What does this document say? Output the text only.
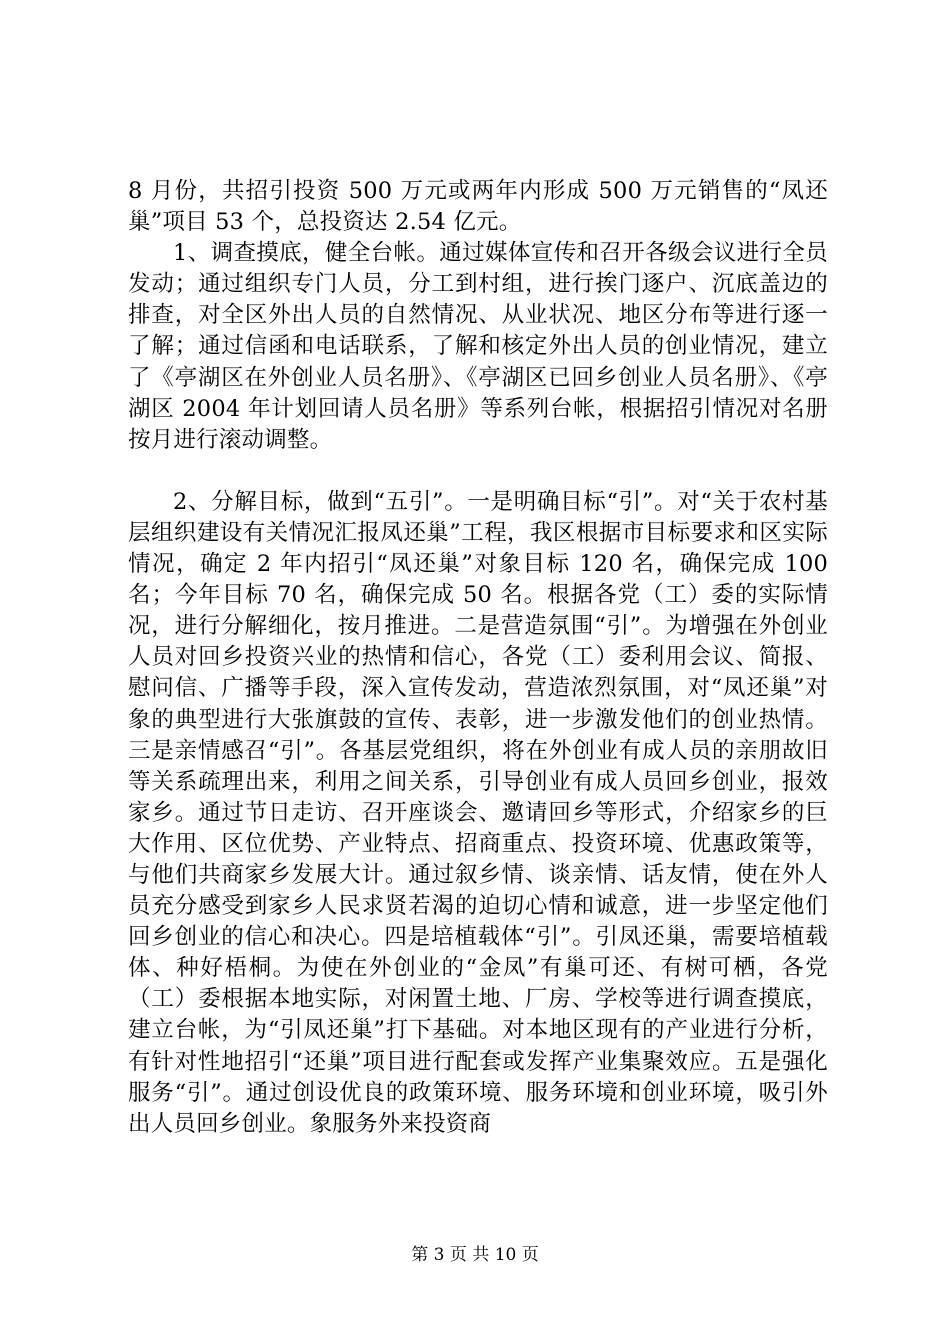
8 月份，共招引投资 500 万元或两年内形成 500 万元销售的“凤还巢”项目 53 个，总投资达 2.54 亿元。

1、调查摸底，健全台帐。通过媒体宣传和召开各级会议进行全员发动；通过组织专门人员，分工到村组，进行挨门逐户、沉底盖边的排查，对全区外出人员的自然情况、从业状况、地区分布等进行逐一了解；通过信函和电话联系，了解和核定外出人员的创业情况，建立了《亭湖区在外创业人员名册》、《亭湖区已回乡创业人员名册》、《亭湖区 2004 年计划回请人员名册》等系列台帐，根据招引情况对名册按月进行滚动调整。

2、分解目标，做到“五引”。一是明确目标“引”。对“关于农村基层组织建设有关情况汇报凤还巢”工程，我区根据市目标要求和区实际情况，确定 2 年内招引“凤还巢”对象目标 120 名，确保完成 100 名；今年目标 70 名，确保完成 50 名。根据各党（工）委的实际情况，进行分解细化，按月推进。二是营造氛围“引”。为增强在外创业人员对回乡投资兴业的热情和信心，各党（工）委利用会议、简报、慰问信、广播等手段，深入宣传发动，营造浓烈氛围，对“凤还巢”对象的典型进行大张旗鼓的宣传、表彰，进一步激发他们的创业热情。三是亲情感召“引”。各基层党组织，将在外创业有成人员的亲朋故旧等关系疏理出来，利用之间关系，引导创业有成人员回乡创业，报效家乡。通过节日走访、召开座谈会、邀请回乡等形式，介绍家乡的巨大作用、区位优势、产业特点、招商重点、投资环境、优惠政策等，与他们共商家乡发展大计。通过叙乡情、谈亲情、话友情，使在外人员充分感受到家乡人民求贤若渴的迫切心情和诚意，进一步坚定他们回乡创业的信心和决心。四是培植载体“引”。引凤还巢，需要培植载体、种好梧桐。为使在外创业的“金凤”有巢可还、有树可栖，各党（工）委根据本地实际，对闲置土地、厂房、学校等进行调查摸底，建立台帐，为“引凤还巢”打下基础。对本地区现有的产业进行分析，有针对性地招引“还巢”项目进行配套或发挥产业集聚效应。五是强化服务“引”。通过创设优良的政策环境、服务环境和创业环境，吸引外出人员回乡创业。象服务外来投资商

第 3 页 共 10 页
